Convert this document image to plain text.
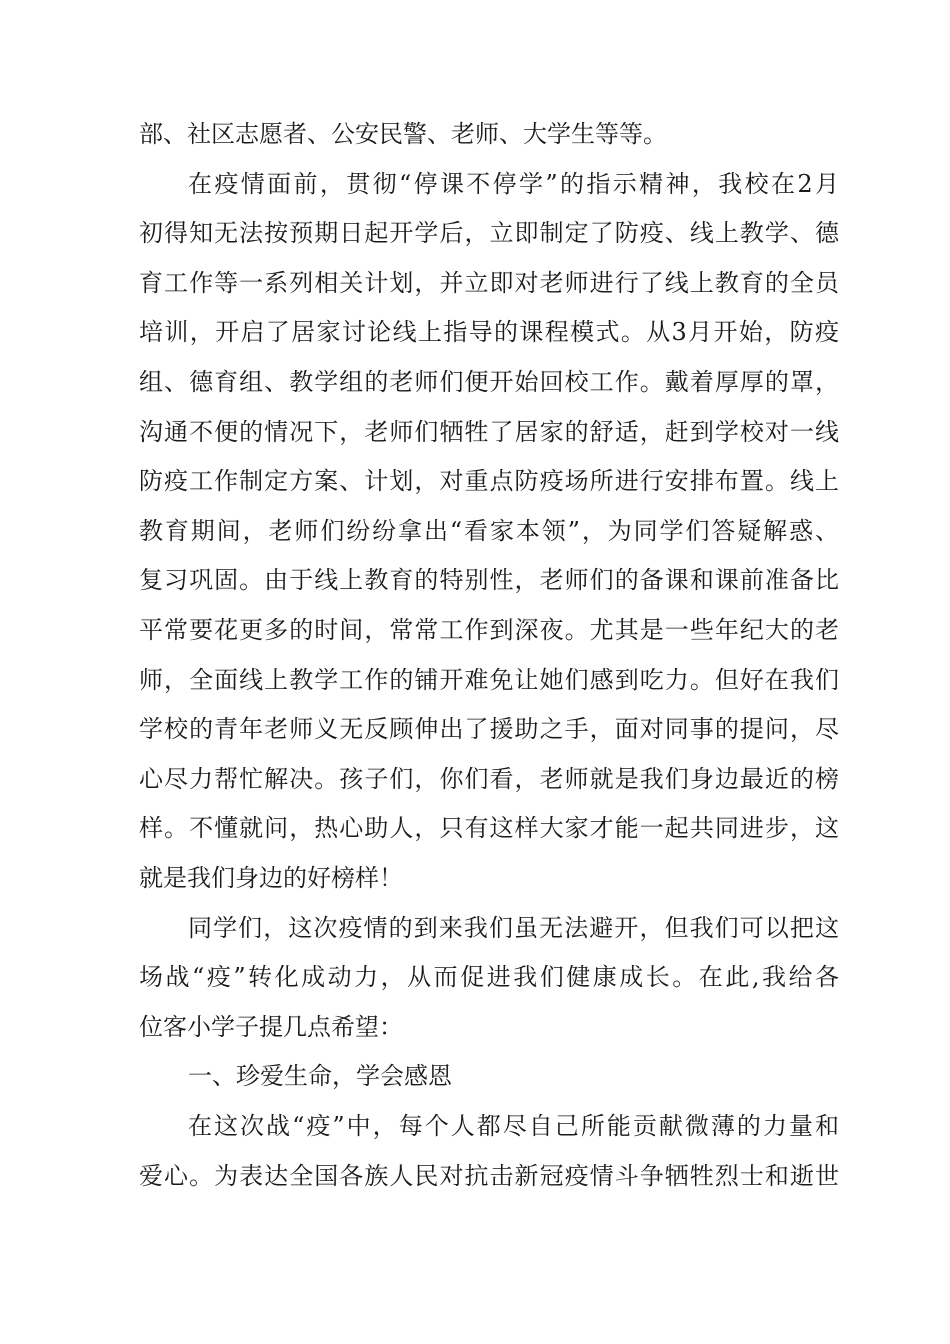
部、社区志愿者、公安民警、老师、大学生等等。
在疫情面前，贯彻“停课不停学”的指示精神，我校在2月
初得知无法按预期日起开学后，立即制定了防疫、线上教学、德
育工作等一系列相关计划，并立即对老师进行了线上教育的全员
培训，开启了居家讨论线上指导的课程模式。从3月开始，防疫
组、德育组、教学组的老师们便开始回校工作。戴着厚厚的罩，
沟通不便的情况下，老师们牺牲了居家的舒适，赶到学校对一线
防疫工作制定方案、计划，对重点防疫场所进行安排布置。线上
教育期间，老师们纷纷拿出“看家本领”，为同学们答疑解惑、
复习巩固。由于线上教育的特别性，老师们的备课和课前准备比
平常要花更多的时间，常常工作到深夜。尤其是一些年纪大的老
师，全面线上教学工作的铺开难免让她们感到吃力。但好在我们
学校的青年老师义无反顾伸出了援助之手，面对同事的提问，尽
心尽力帮忙解决。孩子们，你们看，老师就是我们身边最近的榜
样。不懂就问，热心助人，只有这样大家才能一起共同进步，这
就是我们身边的好榜样！
同学们，这次疫情的到来我们虽无法避开，但我们可以把这
场战“疫”转化成动力，从而促进我们健康成长。在此,我给各
位客小学子提几点希望：
一、珍爱生命，学会感恩
在这次战“疫”中，每个人都尽自己所能贡献微薄的力量和
爱心。为表达全国各族人民对抗击新冠疫情斗争牺牲烈士和逝世
